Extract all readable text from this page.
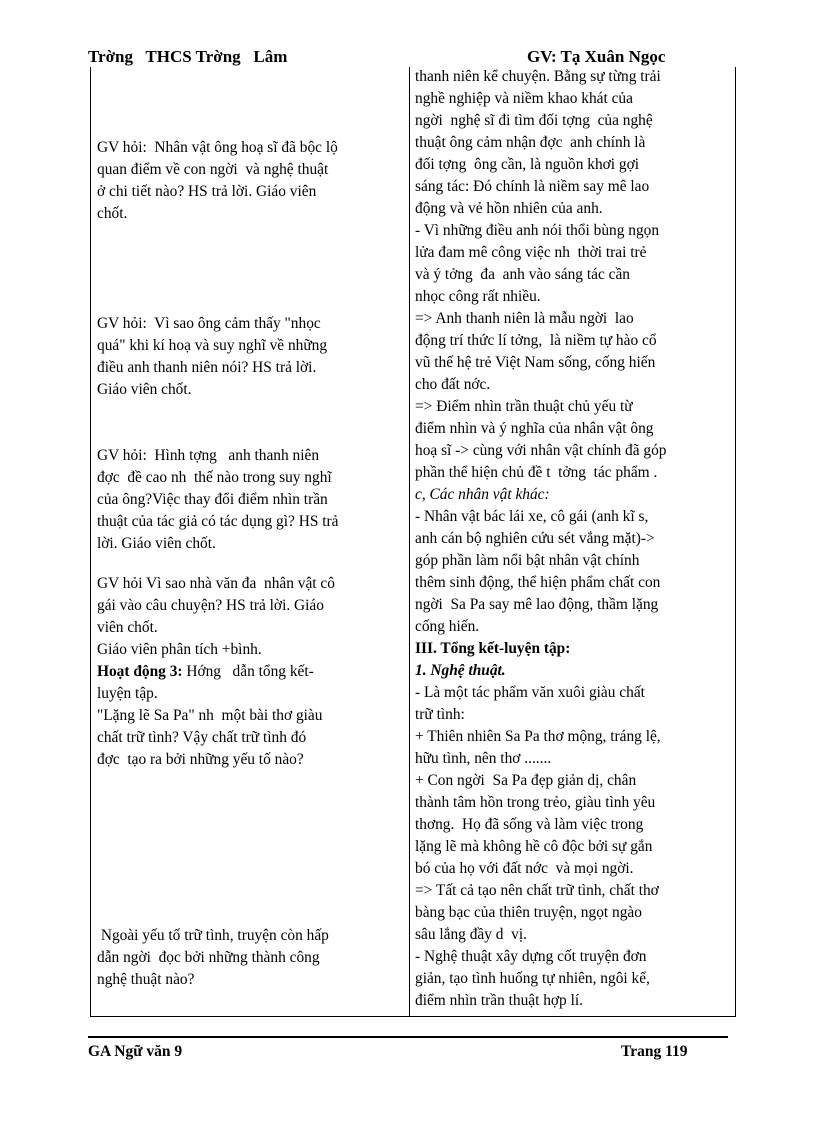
Trờng   THCS Trờng   Lâm	GV: Tạ Xuân Ngọc
GV hỏi:  Nhân vật ông hoạ sĩ đã bộc lộ
quan điểm về con ngời  và nghệ thuật
ở chi tiết nào? HS trả lời. Giáo viên
chốt.
GV hỏi:  Vì sao ông cảm thấy "nhọc
quá" khi kí hoạ và suy nghĩ về những
điều anh thanh niên nói? HS trả lời.
Giáo viên chốt.
GV hỏi:  Hình tợng   anh thanh niên
đợc  đề cao nh  thế nào trong suy nghĩ
của ông?Việc thay đổi điểm nhìn trần
thuật của tác giả có tác dụng gì? HS trả
lời. Giáo viên chốt.
GV hỏi Vì sao nhà văn đa  nhân vật cô
gái vào câu chuyện? HS trả lời. Giáo
viên chốt.
Giáo viên phân tích +bình.
Hoạt động 3: Hớng   dẫn tổng kết-
luyện tập.
"Lặng lẽ Sa Pa" nh  một bài thơ giàu
chất trữ tình? Vậy chất trữ tình đó
đợc  tạo ra bởi những yếu tố nào?
Ngoài yếu tố trữ tình, truyện còn hấp
dẫn ngời  đọc bởi những thành công
nghệ thuật nào?
thanh niên kể chuyện. Bằng sự từng trải
nghề nghiệp và niềm khao khát của
ngời  nghệ sĩ đi tìm đối tợng  của nghệ
thuật ông cảm nhận đợc  anh chính là
đối tợng  ông cần, là nguồn khơi gợi
sáng tác: Đó chính là niềm say mê lao
động và vẻ hồn nhiên của anh.
- Vì những điều anh nói thổi bùng ngọn
lửa đam mê công việc nh  thời trai trẻ
và ý tởng  đa  anh vào sáng tác cần
nhọc công rất nhiều.
=> Anh thanh niên là mẫu ngời  lao
động trí thức lí tởng,  là niềm tự hào cổ
vũ thế hệ trẻ Việt Nam sống, cống hiến
cho đất nớc.
=> Điểm nhìn trần thuật chủ yếu từ
điểm nhìn và ý nghĩa của nhân vật ông
hoạ sĩ -> cùng với nhân vật chính đã góp
phần thể hiện chủ đề t  tởng  tác phẩm .
c, Các nhân vật khác:
- Nhân vật bác lái xe, cô gái (anh kĩ s,
anh cán bộ nghiên cứu sét vắng mặt)->
góp phần làm nổi bật nhân vật chính
thêm sinh động, thể hiện phẩm chất con
ngời  Sa Pa say mê lao động, thầm lặng
cống hiến.
III. Tổng kết-luyện tập:
1. Nghệ thuật.
- Là một tác phẩm văn xuôi giàu chất
trữ tình:
+ Thiên nhiên Sa Pa thơ mộng, tráng lệ,
hữu tình, nên thơ .......
+ Con ngời  Sa Pa đẹp giản dị, chân
thành tâm hồn trong trẻo, giàu tình yêu
thơng.  Họ đã sống và làm việc trong
lặng lẽ mà không hề cô độc bởi sự gắn
bó của họ với đất nớc  và mọi ngời.
=> Tất cả tạo nên chất trữ tình, chất thơ
bàng bạc của thiên truyện, ngọt ngào
sâu lắng đầy d  vị.
- Nghệ thuật xây dựng cốt truyện đơn
giản, tạo tình huống tự nhiên, ngôi kể,
điểm nhìn trần thuật hợp lí.
GA Ngữ văn 9	Trang 119
